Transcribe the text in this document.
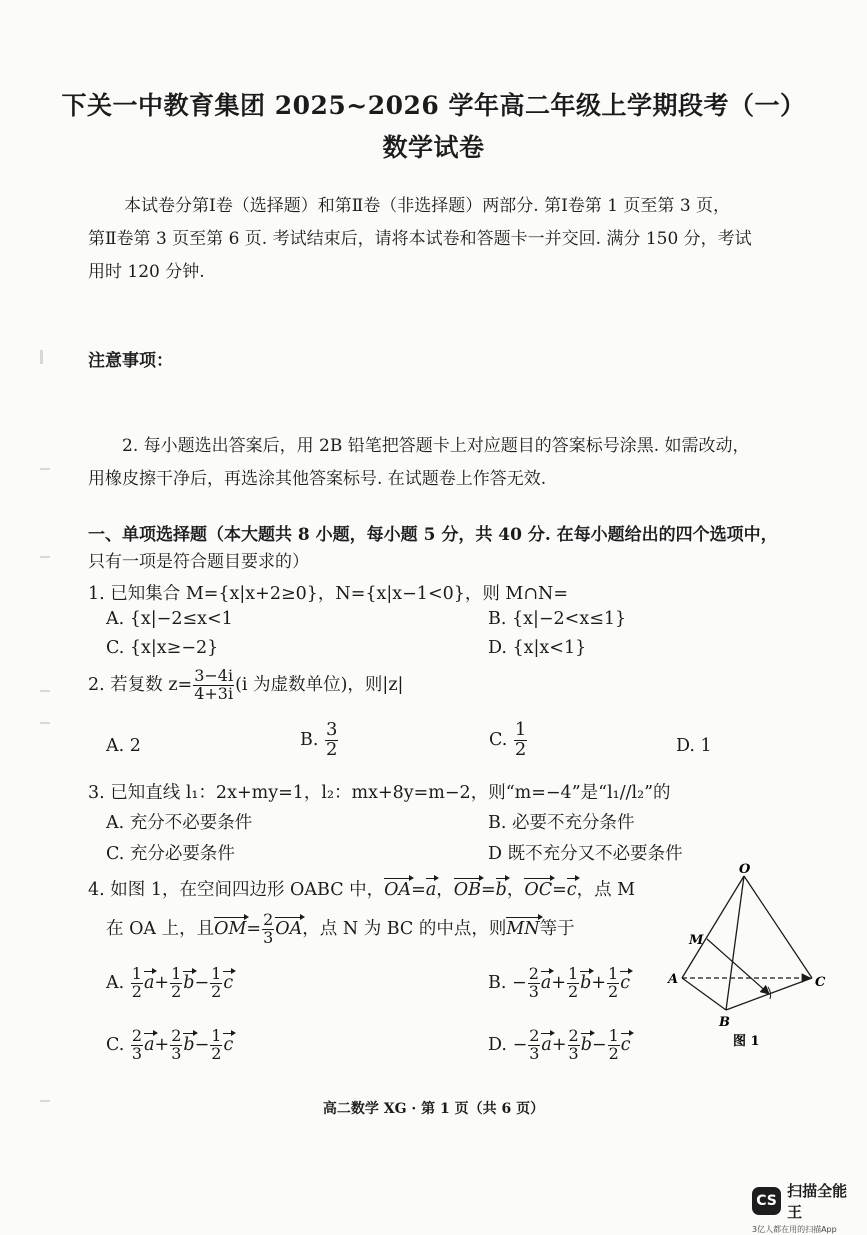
下关一中教育集团 2025~2026 学年高二年级上学期段考（一）
数学试卷
本试卷分第Ⅰ卷（选择题）和第Ⅱ卷（非选择题）两部分. 第Ⅰ卷第 1 页至第 3 页，
第Ⅱ卷第 3 页至第 6 页. 考试结束后，请将本试卷和答题卡一并交回. 满分 150 分，考试
用时 120 分钟.
注意事项：
2. 每小题选出答案后，用 2B 铅笔把答题卡上对应题目的答案标号涂黑. 如需改动，
用橡皮擦干净后，再选涂其他答案标号. 在试题卷上作答无效.
一、单项选择题（本大题共 8 小题，每小题 5 分，共 40 分. 在每小题给出的四个选项中，
只有一项是符合题目要求的）
1. 已知集合 M={x|x+2≥0}，N={x|x−1<0}，则 M∩N=
A. {x|−2≤x<1	B. {x|−2<x≤1}
C. {x|x≥−2}	D. {x|x<1}
2. 若复数 $z= \frac{3-4i}{4+3i} (i$ 为虚数单位)，则|z|
A. 2	B. $\frac{3}{2}$	C. $\frac{1}{2}$	D. 1
3. 已知直线 l₁：2x+my=1，l₂：mx+8y=m−2，则“m=−4”是“l₁//l₂”的
A. 充分不必要条件	B. 必要不充分条件
C. 充分必要条件	D 既不充分又不必要条件
4. 如图 1，在空间四边形 OABC 中，OA=a，OB=b，OC=c，点 M
在 OA 上，且$OM= \frac{2}{3}$ OA，点 N 为 BC 的中点，则MN等于
A. $\frac{1}{2} a+ \frac{1}{2} b- \frac{1}{2}$ c	B. − $\frac{2}{3} a+ \frac{1}{2} b+ \frac{1}{2}$ c
C. $\frac{2}{3} a+ \frac{2}{3} b- \frac{1}{2}$ c	D. − $\frac{2}{3} a+ \frac{2}{3} b- \frac{1}{2}$ c
O
M
A
B
C
图 1
高二数学 XG · 第 1 页（共 6 页）
CS
扫描全能王
3亿人都在用的扫描App
